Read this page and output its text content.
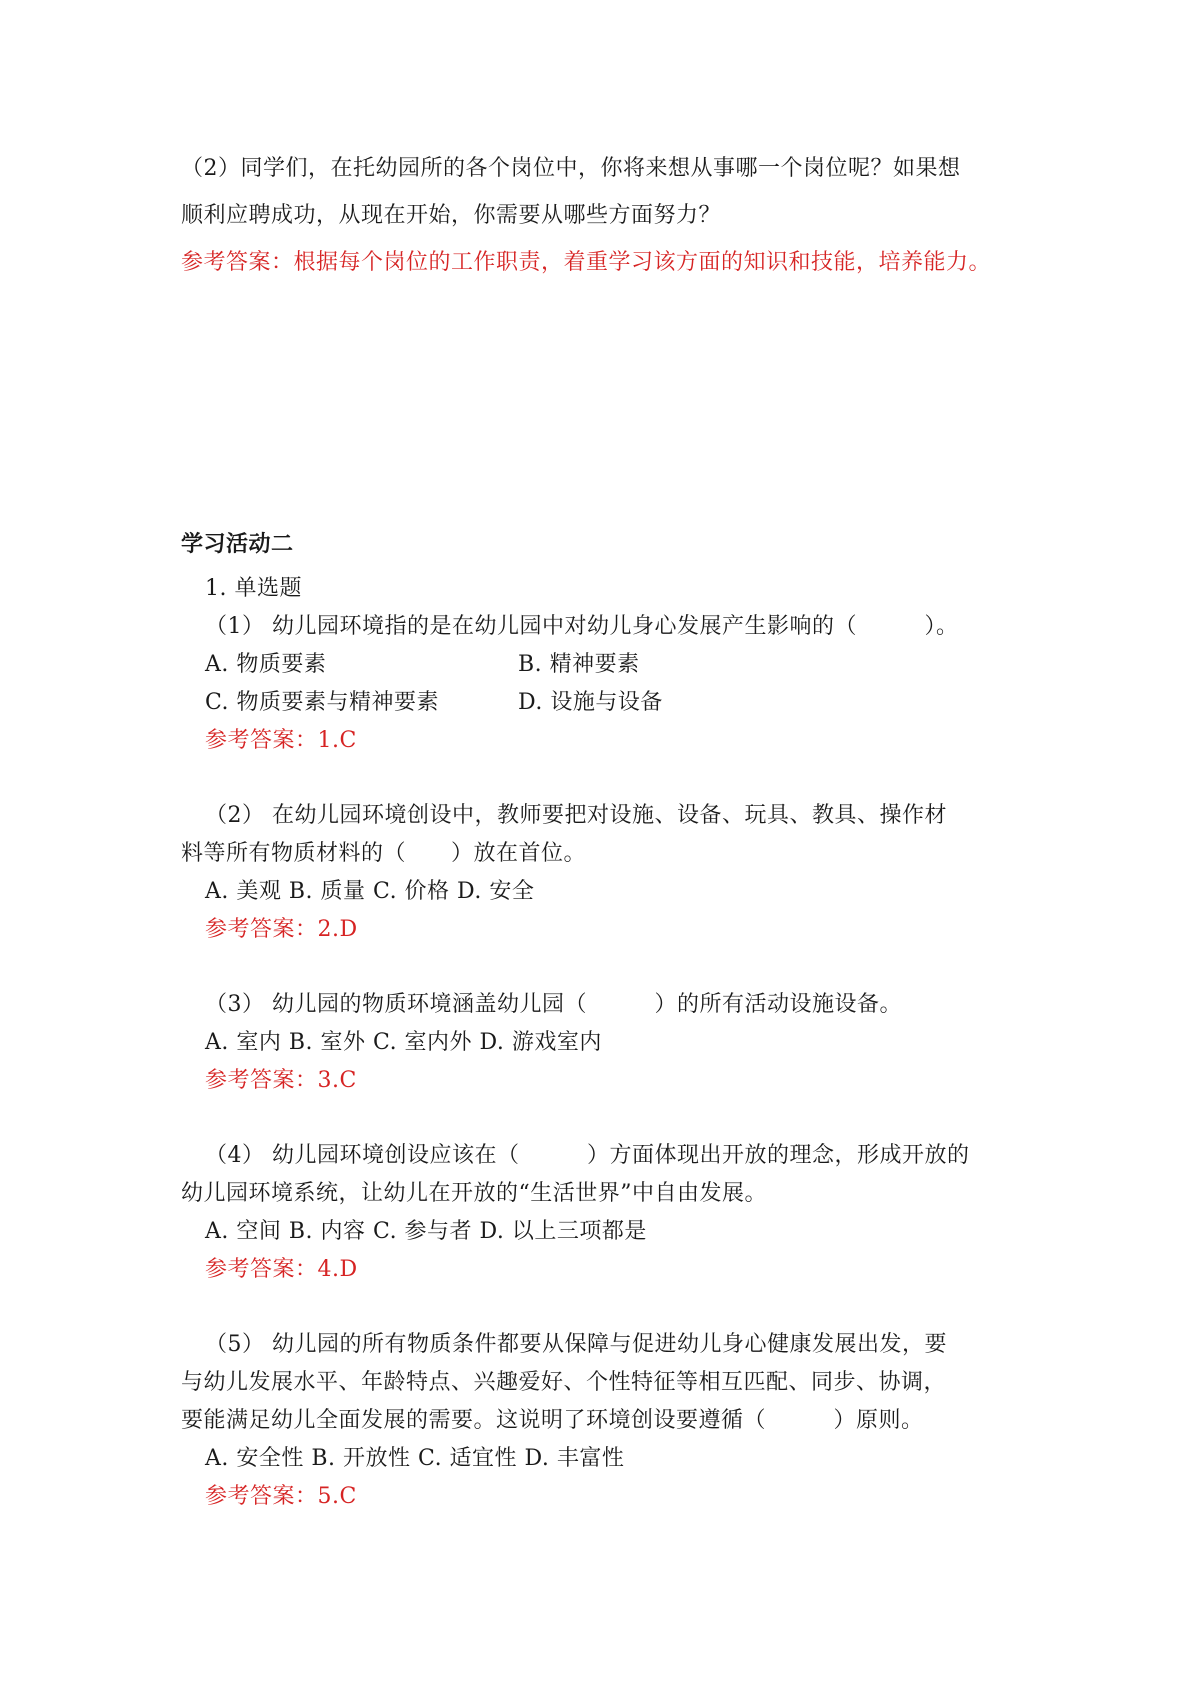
（2）同学们，在托幼园所的各个岗位中，你将来想从事哪一个岗位呢？如果想
顺利应聘成功，从现在开始，你需要从哪些方面努力？
参考答案：根据每个岗位的工作职责，着重学习该方面的知识和技能，培养能力。
学习活动二
1. 单选题
（1） 幼儿园环境指的是在幼儿园中对幼儿身心发展产生影响的（　　　）。
A. 物质要素	B. 精神要素
C. 物质要素与精神要素	D. 设施与设备
参考答案：1.C
（2） 在幼儿园环境创设中，教师要把对设施、设备、玩具、教具、操作材
料等所有物质材料的（　　）放在首位。
A. 美观 B. 质量 C. 价格 D. 安全
参考答案：2.D
（3） 幼儿园的物质环境涵盖幼儿园（　　　）的所有活动设施设备。
A. 室内 B. 室外 C. 室内外 D. 游戏室内
参考答案：3.C
（4） 幼儿园环境创设应该在（　　　）方面体现出开放的理念，形成开放的
幼儿园环境系统，让幼儿在开放的“生活世界”中自由发展。
A. 空间 B. 内容 C. 参与者 D. 以上三项都是
参考答案：4.D
（5） 幼儿园的所有物质条件都要从保障与促进幼儿身心健康发展出发，要
与幼儿发展水平、年龄特点、兴趣爱好、个性特征等相互匹配、同步、协调，
要能满足幼儿全面发展的需要。这说明了环境创设要遵循（　　　）原则。
A. 安全性 B. 开放性 C. 适宜性 D. 丰富性
参考答案：5.C
